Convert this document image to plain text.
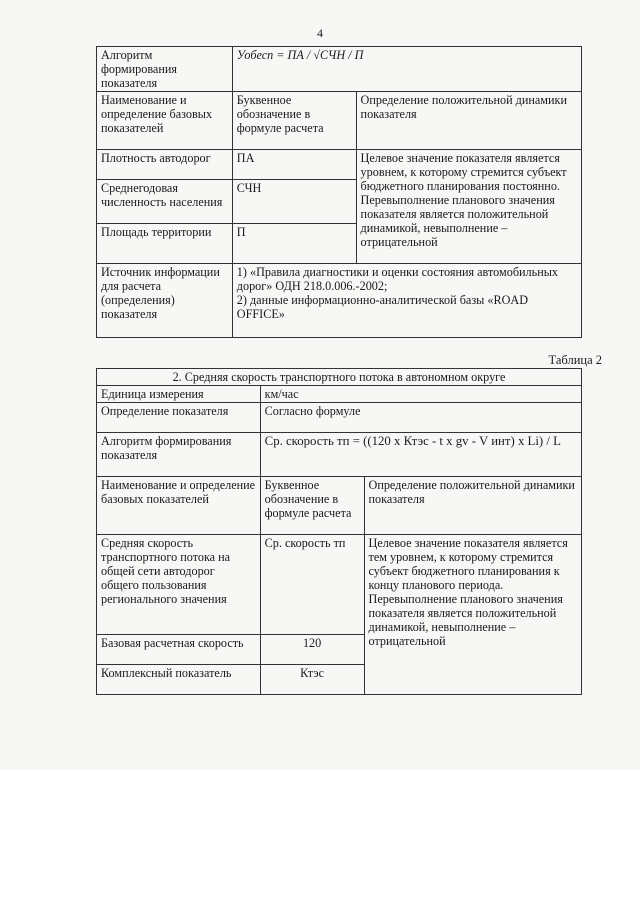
4
Алгоритм формирования показателя	Уобесп = ПА / √СЧН / П	
Наименование и определение базовых показателей	Буквенное обозначение в формуле расчета	Определение положительной динамики показателя
Плотность автодорог	ПА	Целевое значение показателя является уровнем, к которому стремится субъект бюджетного планирования постоянно. Перевыполнение планового значения показателя является положительной динамикой, невыполнение – отрицательной
Среднегодовая численность населения	СЧН	
Площадь территории	П	
Источник информации для расчета (определения) показателя	1) «Правила диагностики и оценки состояния автомобильных дорог» ОДН 218.0.006.-2002;
2) данные информационно-аналитической базы «ROAD OFFICE»	
Таблица 2
2. Средняя скорость транспортного потока в автономном округе		
Единица измерения	км/час	
Определение показателя	Согласно формуле	
Алгоритм формирования показателя	Ср. скорость тп = ((120 x Ктэс - t x gv - V инт) x Li) / L	
Наименование и определение базовых показателей	Буквенное обозначение в формуле расчета	Определение положительной динамики показателя
Средняя скорость транспортного потока на общей сети автодорог общего пользования регионального значения	Ср. скорость тп	Целевое значение показателя является тем уровнем, к которому стремится субъект бюджетного планирования к концу планового периода. Перевыполнение планового значения показателя является положительной динамикой, невыполнение – отрицательной
Базовая расчетная скорость	120	
Комплексный показатель	Ктэс	
